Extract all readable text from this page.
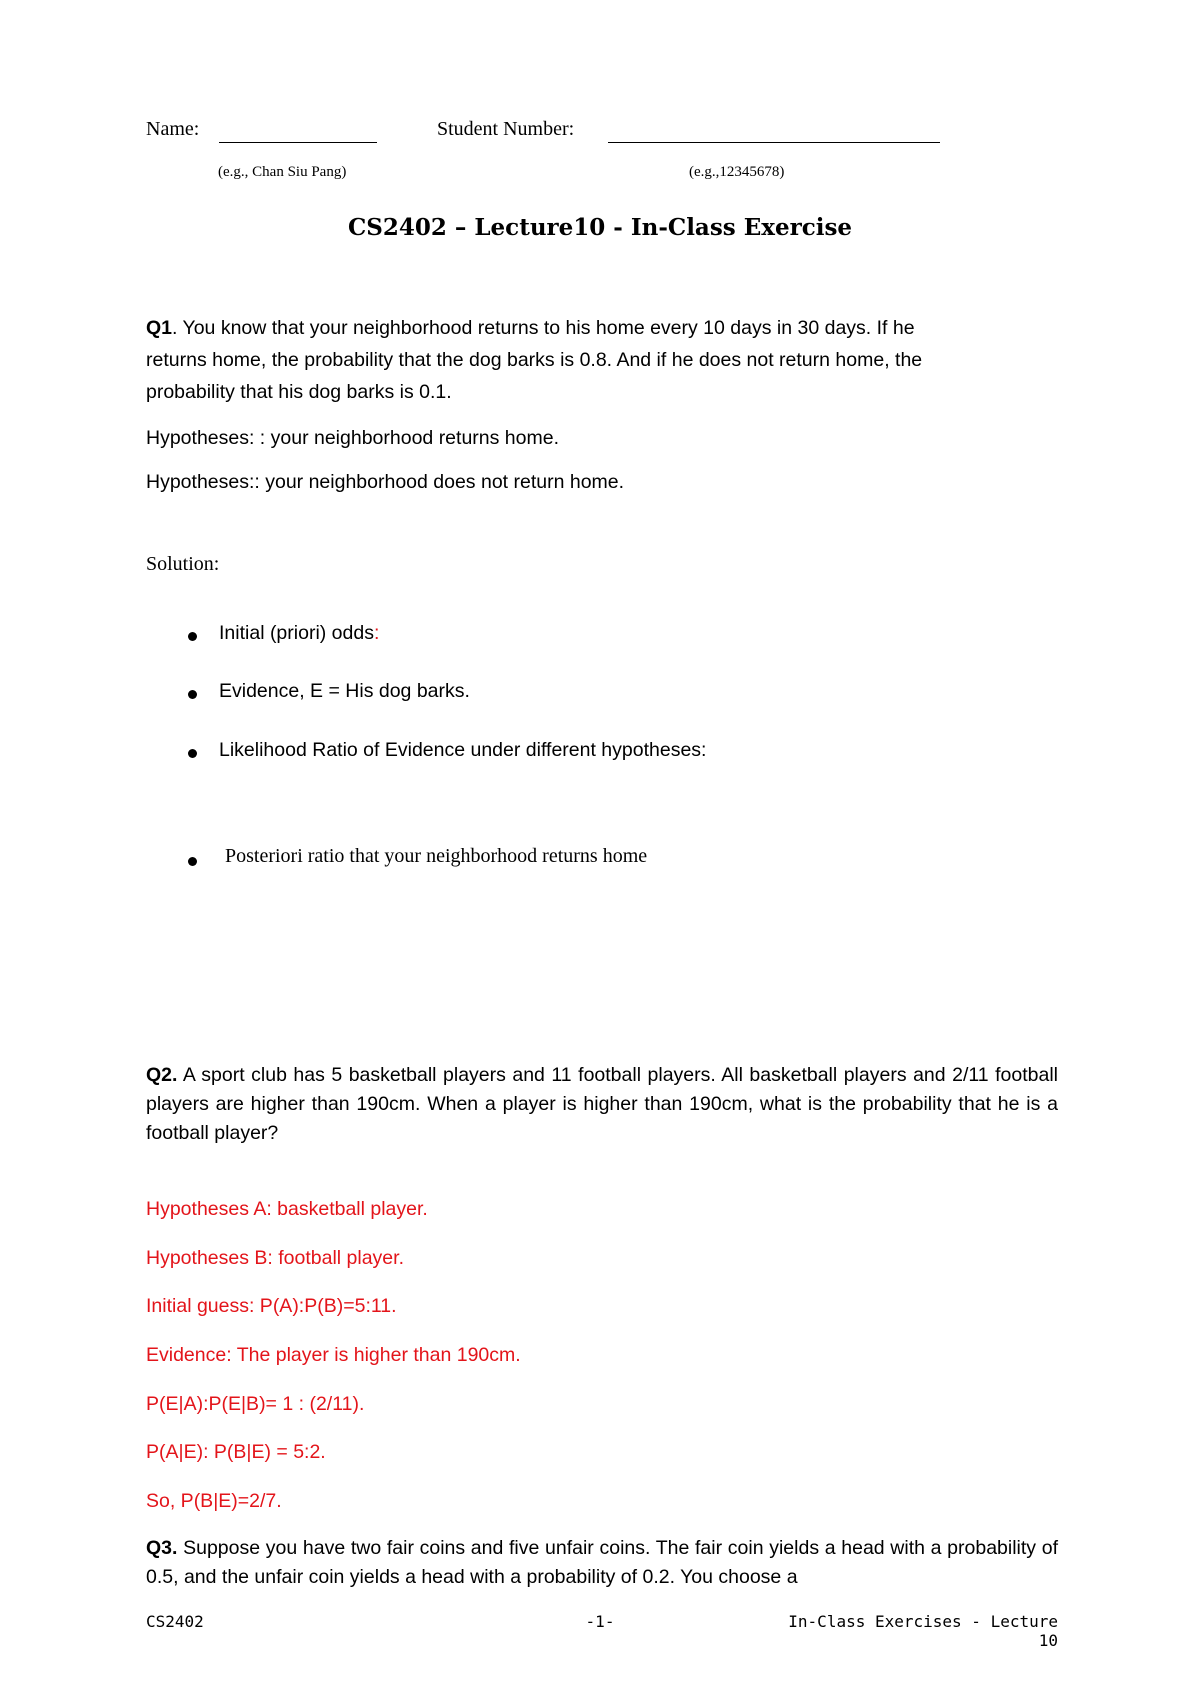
Name:	Student Number:
(e.g., Chan Siu Pang)	(e.g.,12345678)
CS2402 – Lecture10 - In-Class Exercise
Q1. You know that your neighborhood returns to his home every 10 days in 30 days. If he
returns home, the probability that the dog barks is 0.8. And if he does not return home, the
probability that his dog barks is 0.1.
Hypotheses: : your neighborhood returns home.
Hypotheses:: your neighborhood does not return home.
Solution:
Initial (priori) odds:
Evidence, E = His dog barks.
Likelihood Ratio of Evidence under different hypotheses:
Posteriori ratio that your neighborhood returns home
Q2. A sport club has 5 basketball players and 11 football players. All basketball players and 2/11 football players are higher than 190cm. When a player is higher than 190cm, what is the probability that he is a football player?
Hypotheses A: basketball player.
Hypotheses B: football player.
Initial guess: P(A):P(B)=5:11.
Evidence: The player is higher than 190cm.
P(E|A):P(E|B)= 1 : (2/11).
P(A|E): P(B|E) = 5:2.
So, P(B|E)=2/7.
Q3. Suppose you have two fair coins and five unfair coins. The fair coin yields a head with a probability of 0.5, and the unfair coin yields a head with a probability of 0.2. You choose a
CS2402	-1-	In-Class Exercises - Lecture 10
